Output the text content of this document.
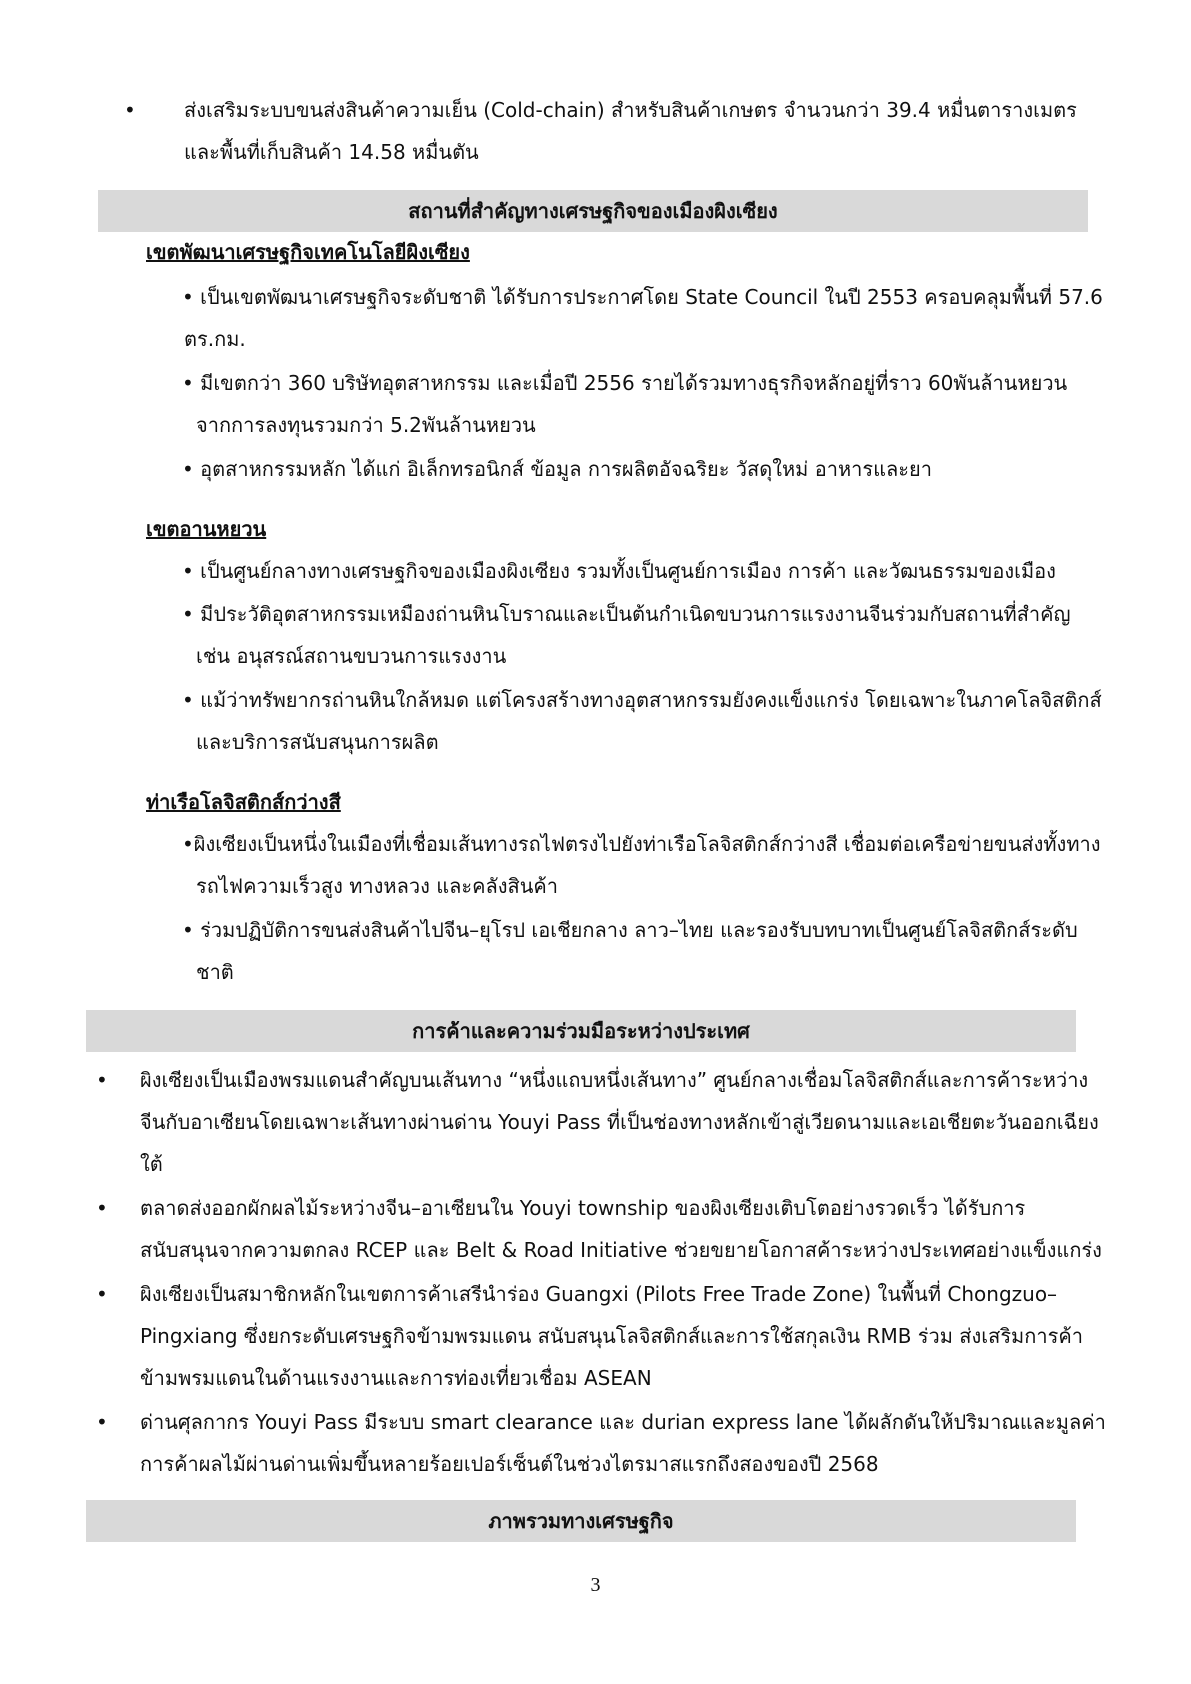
• ส่งเสริมระบบขนส่งสินค้าความเย็น (Cold-chain) สำหรับสินค้าเกษตร จำนวนกว่า 39.4 หมื่นตารางเมตร

และพื้นที่เก็บสินค้า 14.58 หมื่นตัน

สถานที่สำคัญทางเศรษฐกิจของเมืองผิงเซียง

เขตพัฒนาเศรษฐกิจเทคโนโลยีผิงเซียง

• เป็นเขตพัฒนาเศรษฐกิจระดับชาติ ได้รับการประกาศโดย State Council ในปี 2553 ครอบคลุมพื้นที่ 57.6

ตร.กม.

• มีเขตกว่า 360 บริษัทอุตสาหกรรม และเมื่อปี 2556 รายได้รวมทางธุรกิจหลักอยู่ที่ราว 60พันล้านหยวน

จากการลงทุนรวมกว่า 5.2พันล้านหยวน

• อุตสาหกรรมหลัก ได้แก่ อิเล็กทรอนิกส์ ข้อมูล การผลิตอัจฉริยะ วัสดุใหม่ อาหารและยา

เขตอานหยวน

• เป็นศูนย์กลางทางเศรษฐกิจของเมืองผิงเซียง รวมทั้งเป็นศูนย์การเมือง การค้า และวัฒนธรรมของเมือง

• มีประวัติอุตสาหกรรมเหมืองถ่านหินโบราณและเป็นต้นกำเนิดขบวนการแรงงานจีนร่วมกับสถานที่สำคัญ

เช่น อนุสรณ์สถานขบวนการแรงงาน

• แม้ว่าทรัพยากรถ่านหินใกล้หมด แต่โครงสร้างทางอุตสาหกรรมยังคงแข็งแกร่ง โดยเฉพาะในภาคโลจิสติกส์

และบริการสนับสนุนการผลิต

ท่าเรือโลจิสติกส์กว่างสี

•ผิงเซียงเป็นหนึ่งในเมืองที่เชื่อมเส้นทางรถไฟตรงไปยังท่าเรือโลจิสติกส์กว่างสี เชื่อมต่อเครือข่ายขนส่งทั้งทาง

รถไฟความเร็วสูง ทางหลวง และคลังสินค้า

• ร่วมปฏิบัติการขนส่งสินค้าไปจีน–ยุโรป เอเชียกลาง ลาว–ไทย และรองรับบทบาทเป็นศูนย์โลจิสติกส์ระดับ

ชาติ

การค้าและความร่วมมือระหว่างประเทศ
• ผิงเซียงเป็นเมืองพรมแดนสำคัญบนเส้นทาง “หนึ่งแถบหนึ่งเส้นทาง” ศูนย์กลางเชื่อมโลจิสติกส์และการค้าระหว่าง

จีนกับอาเซียนโดยเฉพาะเส้นทางผ่านด่าน Youyi Pass ที่เป็นช่องทางหลักเข้าสู่เวียดนามและเอเชียตะวันออกเฉียง

ใต้

• ตลาดส่งออกผักผลไม้ระหว่างจีน–อาเซียนใน Youyi township ของผิงเซียงเติบโตอย่างรวดเร็ว ได้รับการ

สนับสนุนจากความตกลง RCEP และ Belt & Road Initiative ช่วยขยายโอกาสค้าระหว่างประเทศอย่างแข็งแกร่ง

• ผิงเซียงเป็นสมาชิกหลักในเขตการค้าเสรีนำร่อง Guangxi (Pilots Free Trade Zone) ในพื้นที่ Chongzuo–

Pingxiang ซึ่งยกระดับเศรษฐกิจข้ามพรมแดน สนับสนุนโลจิสติกส์และการใช้สกุลเงิน RMB ร่วม ส่งเสริมการค้า

ข้ามพรมแดนในด้านแรงงานและการท่องเที่ยวเชื่อม ASEAN

• ด่านศุลกากร Youyi Pass มีระบบ smart clearance และ durian express lane ได้ผลักดันให้ปริมาณและมูลค่า

การค้าผลไม้ผ่านด่านเพิ่มขึ้นหลายร้อยเปอร์เซ็นต์ในช่วงไตรมาสแรกถึงสองของปี 2568

ภาพรวมทางเศรษฐกิจ
3
